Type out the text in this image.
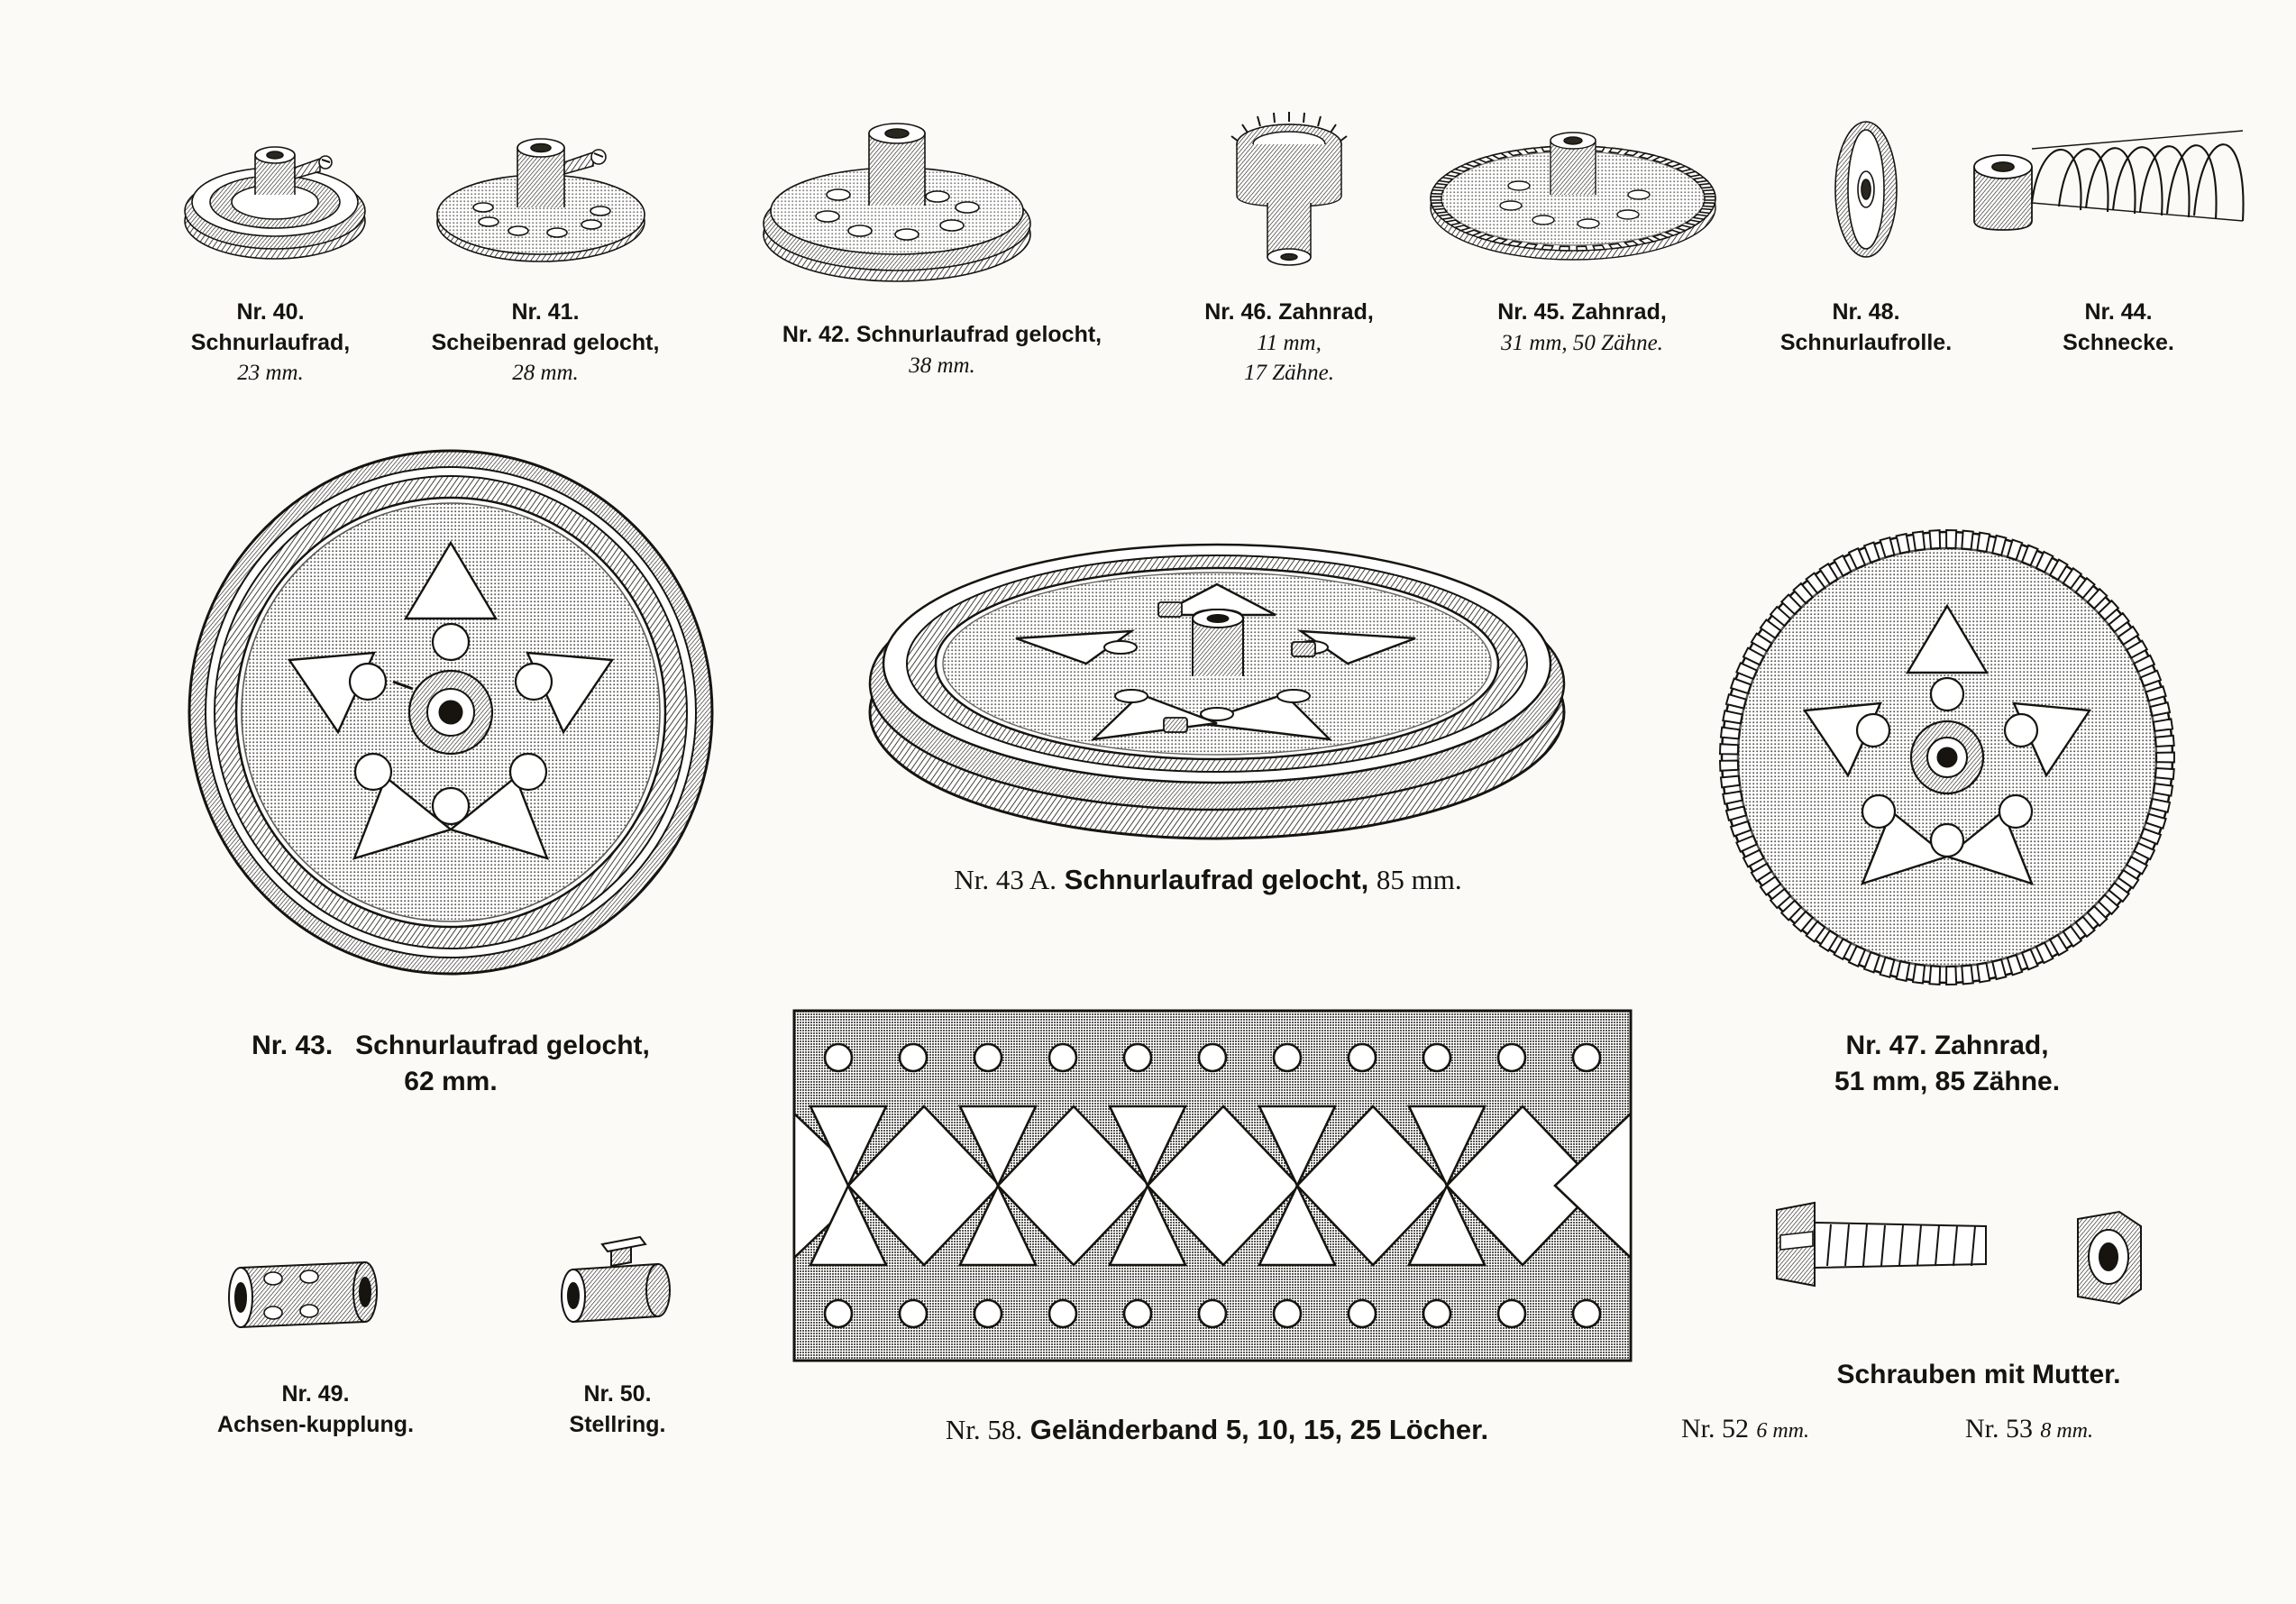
Nr. 40.
Schnurlaufrad,
23 mm.
Nr. 41.
Scheibenrad gelocht,
28 mm.
Nr. 42. Schnurlaufrad gelocht,
38 mm.
Nr. 46. Zahnrad,
11 mm,
17 Zähne.
Nr. 45. Zahnrad,
31 mm, 50 Zähne.
Nr. 48.
Schnurlaufrolle.
Nr. 44.
Schnecke.
Nr. 43. Schnurlaufrad gelocht,
62 mm.
Nr. 43 A. Schnurlaufrad gelocht, 85 mm.
Nr. 47. Zahnrad,
51 mm, 85 Zähne.
Nr. 49.
Achsen-kupplung.
Nr. 50.
Stellring.	Nr. 58. Geländerband 5, 10, 15, 25 Löcher.
Schrauben mit Mutter.
Nr. 52 6 mm.	Nr. 53 8 mm.
